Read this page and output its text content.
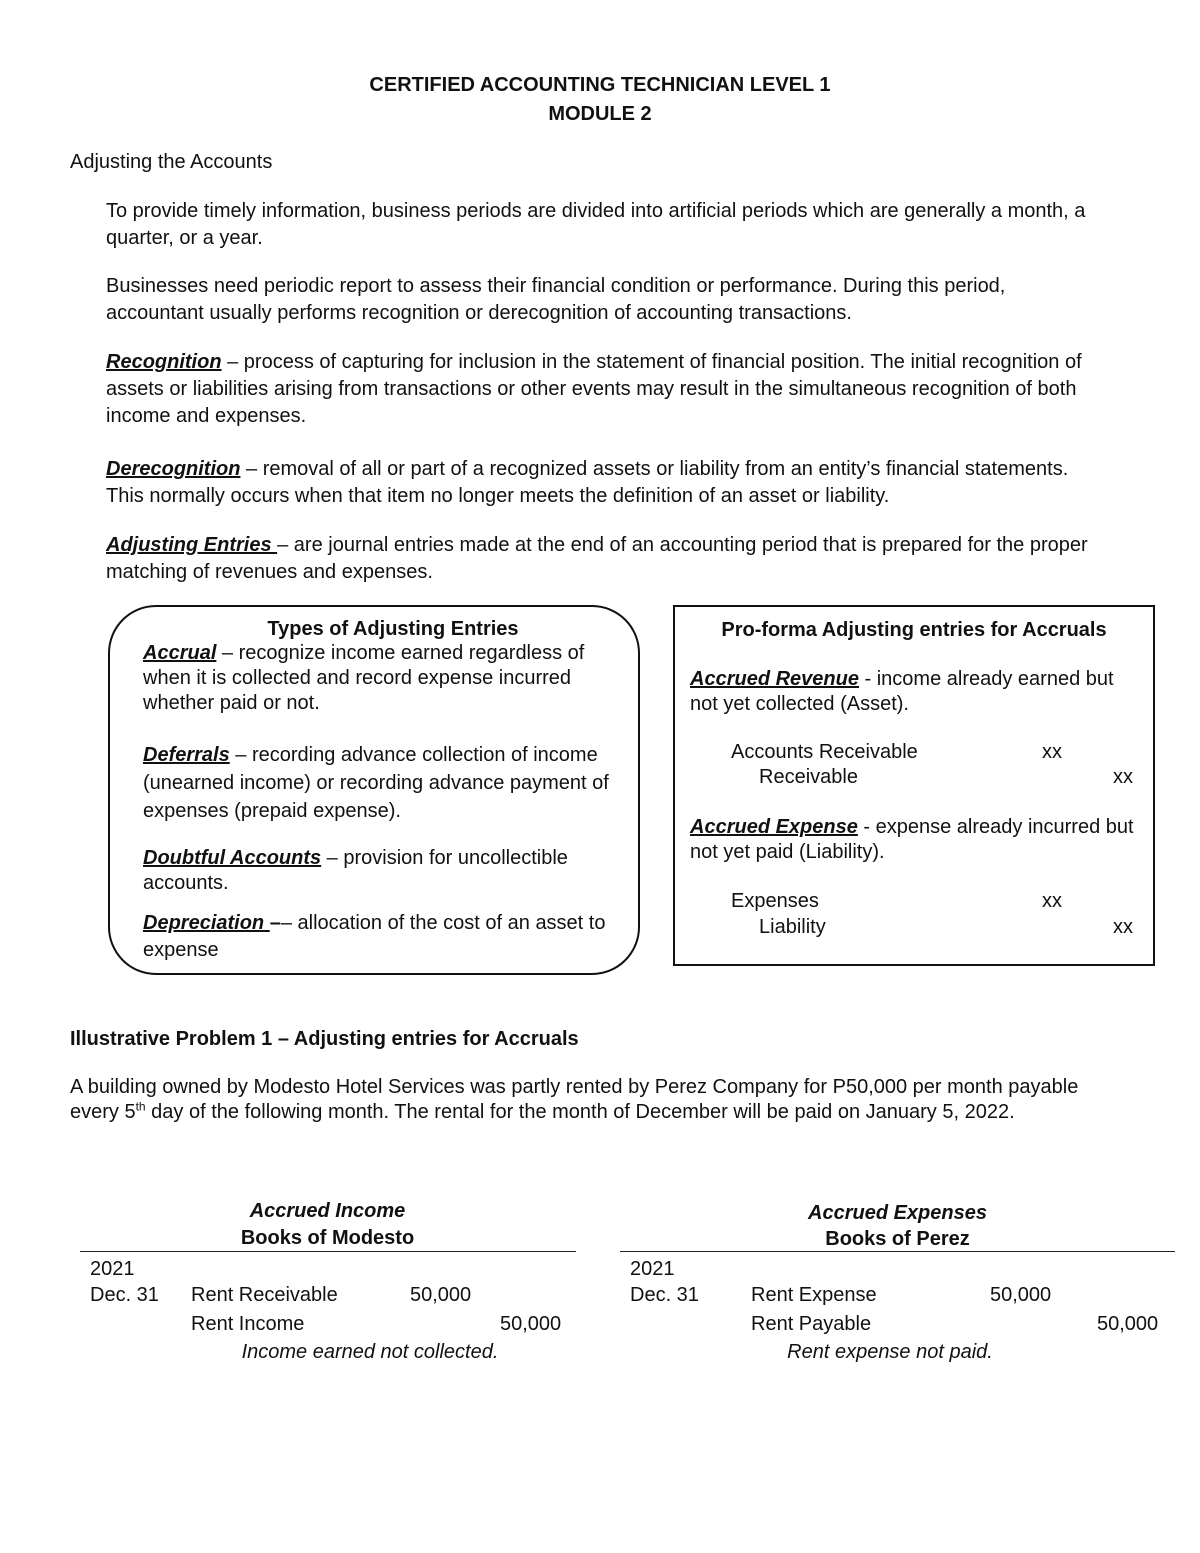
CERTIFIED ACCOUNTING TECHNICIAN LEVEL 1
MODULE 2
Adjusting the Accounts
To provide timely information, business periods are divided into artificial periods which are generally a month, a quarter, or a year.
Businesses need periodic report to assess their financial condition or performance. During this period, accountant usually performs recognition or derecognition of accounting transactions.
Recognition – process of capturing for inclusion in the statement of financial position. The initial recognition of assets or liabilities arising from transactions or other events may result in the simultaneous recognition of both income and expenses.
Derecognition – removal of all or part of a recognized assets or liability from an entity’s financial statements. This normally occurs when that item no longer meets the definition of an asset or liability.
Adjusting Entries – are journal entries made at the end of an accounting period that is prepared for the proper matching of revenues and expenses.
Types of Adjusting Entries
Accrual – recognize income earned regardless of when it is collected and record expense incurred whether paid or not.
Deferrals – recording advance collection of income (unearned income) or recording advance payment of expenses (prepaid expense).
Doubtful Accounts – provision for uncollectible accounts.
Depreciation –– allocation of the cost of an asset to expense
Pro-forma Adjusting entries for Accruals
Accrued Revenue - income already earned but not yet collected (Asset).
Accounts Receivable	xx
Receivable	xx
Accrued Expense - expense already incurred but not yet paid (Liability).
Expenses	xx
Liability	xx
Illustrative Problem 1 – Adjusting entries for Accruals
A building owned by Modesto Hotel Services was partly rented by Perez Company for P50,000 per month payable every 5th day of the following month. The rental for the month of December will be paid on January 5, 2022.
Accrued Income
Books of Modesto
2021
Dec. 31 Rent Receivable	50,000
Rent Income	50,000
Income earned not collected.
Accrued Expenses
Books of Perez
2021
Dec. 31	Rent Expense	50,000
Rent Payable	50,000
Rent expense not paid.
